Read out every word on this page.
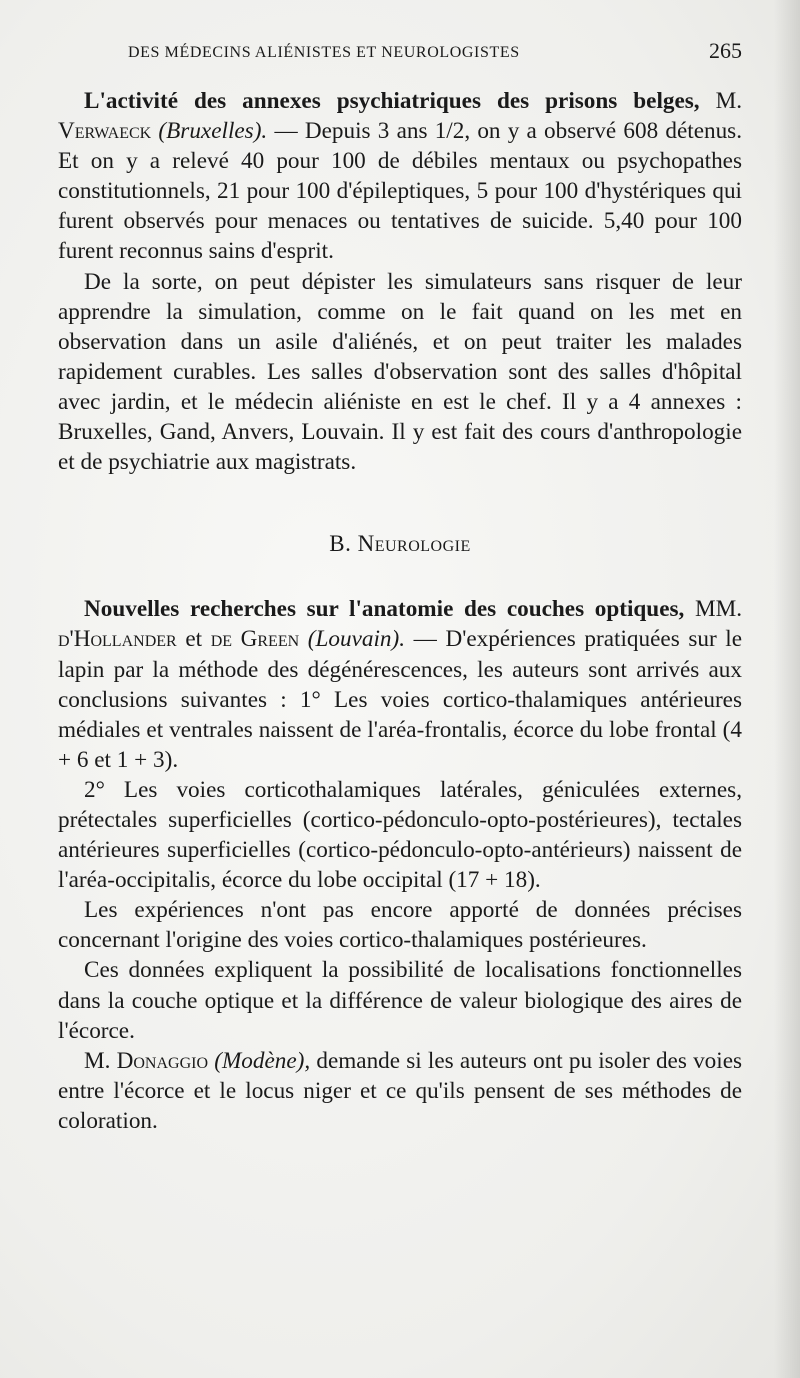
DES MÉDECINS ALIÉNISTES ET NEUROLOGISTES	265

L'activité des annexes psychiatriques des prisons belges, M. Verwaeck (Bruxelles). — Depuis 3 ans 1/2, on y a observé 608 détenus. Et on y a relevé 40 pour 100 de débiles mentaux ou psychopathes constitutionnels, 21 pour 100 d'épileptiques, 5 pour 100 d'hystériques qui furent observés pour menaces ou tentatives de suicide. 5,40 pour 100 furent reconnus sains d'esprit.

De la sorte, on peut dépister les simulateurs sans risquer de leur apprendre la simulation, comme on le fait quand on les met en observation dans un asile d'aliénés, et on peut traiter les malades rapidement curables. Les salles d'observation sont des salles d'hôpital avec jardin, et le médecin aliéniste en est le chef. Il y a 4 annexes : Bruxelles, Gand, Anvers, Louvain. Il y est fait des cours d'anthropologie et de psychiatrie aux magistrats.

B. Neurologie

Nouvelles recherches sur l'anatomie des couches optiques, MM. d'Hollander et de Green (Louvain). — D'expériences pratiquées sur le lapin par la méthode des dégénérescences, les auteurs sont arrivés aux conclusions suivantes : 1° Les voies cortico-thalamiques antérieures médiales et ventrales naissent de l'aréa-frontalis, écorce du lobe frontal (4 + 6 et 1 + 3).

2° Les voies corticothalamiques latérales, géniculées externes, prétectales superficielles (cortico-pédonculo-opto-postérieures), tectales antérieures superficielles (cortico-pédonculo-opto-antérieurs) naissent de l'aréa-occipitalis, écorce du lobe occipital (17 + 18).

Les expériences n'ont pas encore apporté de données précises concernant l'origine des voies cortico-thalamiques postérieures.

Ces données expliquent la possibilité de localisations fonctionnelles dans la couche optique et la différence de valeur biologique des aires de l'écorce.

M. Donaggio (Modène), demande si les auteurs ont pu isoler des voies entre l'écorce et le locus niger et ce qu'ils pensent de ses méthodes de coloration.
